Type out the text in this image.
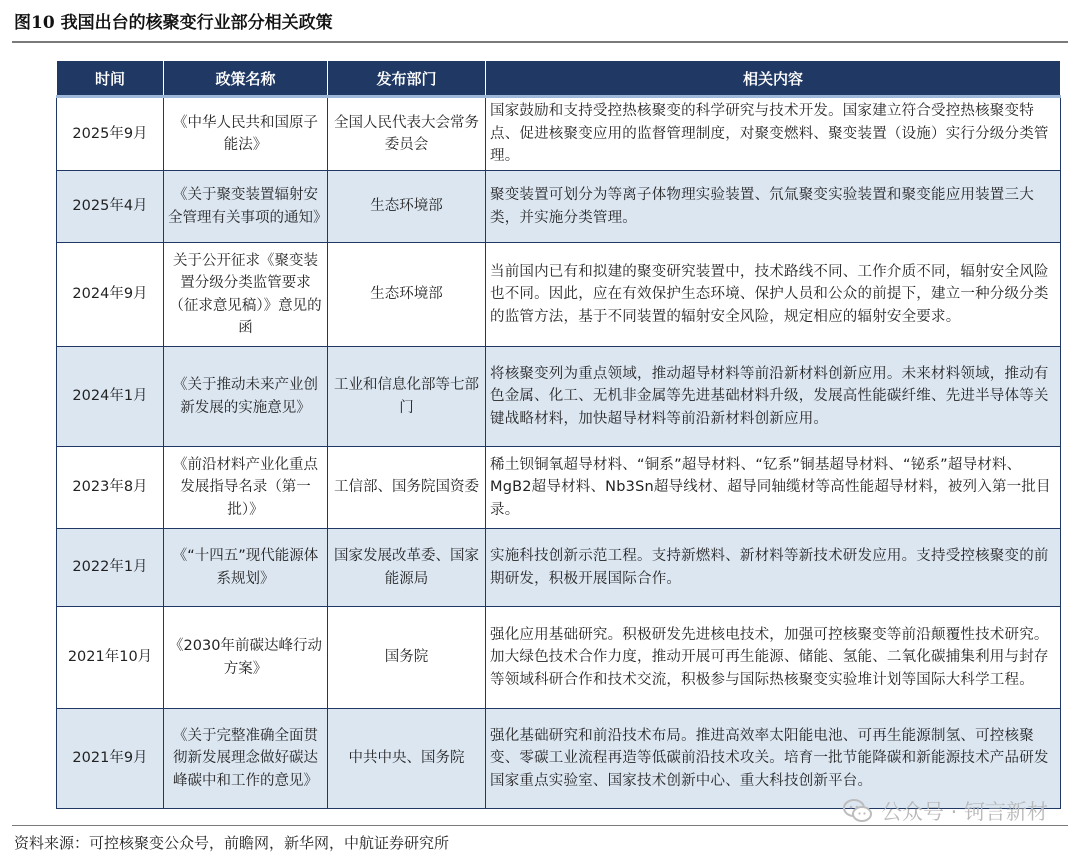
图10 我国出台的核聚变行业部分相关政策
时间	政策名称	发布部门	相关内容
2025年9月	《中华人民共和国原子能法》	全国人民代表大会常务委员会	国家鼓励和支持受控热核聚变的科学研究与技术开发。国家建立符合受控热核聚变特点、促进核聚变应用的监督管理制度，对聚变燃料、聚变装置（设施）实行分级分类管理。
2025年4月	《关于聚变装置辐射安全管理有关事项的通知》	生态环境部	聚变装置可划分为等离子体物理实验装置、氘氚聚变实验装置和聚变能应用装置三大类，并实施分类管理。
2024年9月	关于公开征求《聚变装置分级分类监管要求（征求意见稿）》意见的函	生态环境部	当前国内已有和拟建的聚变研究装置中，技术路线不同、工作介质不同，辐射安全风险也不同。因此，应在有效保护生态环境、保护人员和公众的前提下，建立一种分级分类的监管方法，基于不同装置的辐射安全风险，规定相应的辐射安全要求。
2024年1月	《关于推动未来产业创新发展的实施意见》	工业和信息化部等七部门	将核聚变列为重点领域，推动超导材料等前沿新材料创新应用。未来材料领域，推动有色金属、化工、无机非金属等先进基础材料升级，发展高性能碳纤维、先进半导体等关键战略材料，加快超导材料等前沿新材料创新应用。
2023年8月	《前沿材料产业化重点发展指导名录（第一批）》	工信部、国务院国资委	稀土钡铜氧超导材料、“铜系”超导材料、“钇系”铜基超导材料、“铋系”超导材料、MgB2超导材料、Nb3Sn超导线材、超导同轴缆材等高性能超导材料，被列入第一批目录。
2022年1月	《“十四五”现代能源体系规划》	国家发展改革委、国家能源局	实施科技创新示范工程。支持新燃料、新材料等新技术研发应用。支持受控核聚变的前期研发，积极开展国际合作。
2021年10月	《2030年前碳达峰行动方案》	国务院	强化应用基础研究。积极研发先进核电技术，加强可控核聚变等前沿颠覆性技术研究。加大绿色技术合作力度，推动开展可再生能源、储能、氢能、二氧化碳捕集利用与封存等领域科研合作和技术交流，积极参与国际热核聚变实验堆计划等国际大科学工程。
2021年9月	《关于完整准确全面贯彻新发展理念做好碳达峰碳中和工作的意见》	中共中央、国务院	强化基础研究和前沿技术布局。推进高效率太阳能电池、可再生能源制氢、可控核聚变、零碳工业流程再造等低碳前沿技术攻关。培育一批节能降碳和新能源技术产品研发国家重点实验室、国家技术创新中心、重大科技创新平台。
公众号 · 钶言新材
资料来源：可控核聚变公众号，前瞻网，新华网，中航证券研究所
